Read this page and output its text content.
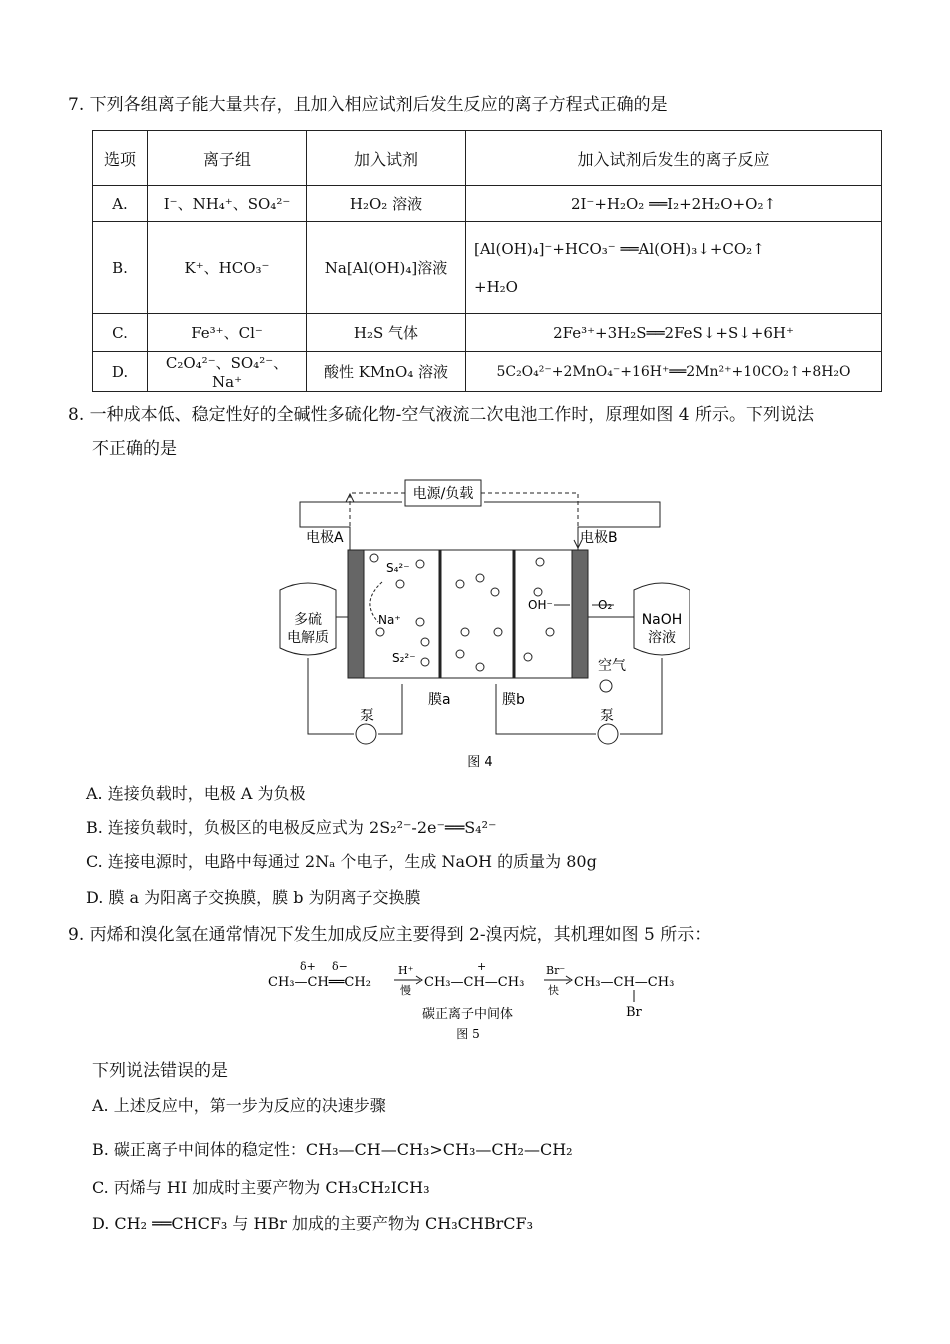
7. 下列各组离子能大量共存，且加入相应试剂后发生反应的离子方程式正确的是
选项	离子组	加入试剂	加入试剂后发生的离子反应
A.	I⁻、NH₄⁺、SO₄²⁻	H₂O₂ 溶液	2I⁻+H₂O₂ ══I₂+2H₂O+O₂↑
B.	K⁺、HCO₃⁻	Na[Al(OH)₄]溶液	[Al(OH)₄]⁻+HCO₃⁻ ══Al(OH)₃↓+CO₂↑
+H₂O

C.	Fe³⁺、Cl⁻	H₂S 气体	2Fe³⁺+3H₂S══2FeS↓+S↓+6H⁺
D.	C₂O₄²⁻、SO₄²⁻、Na⁺	酸性 KMnO₄ 溶液	5C₂O₄²⁻+2MnO₄⁻+16H⁺══2Mn²⁺+10CO₂↑+8H₂O
8. 一种成本低、稳定性好的全碱性多硫化物-空气液流二次电池工作时，原理如图 4 所示。下列说法
不正确的是
电源/负载
电极A	电极B
S₄²⁻
S₂²⁻
Na⁺
OH⁻	O₂
空气
多硫
电解质
NaOH
溶液
泵	泵
膜a	膜b
图 4
A. 连接负载时，电极 A 为负极
B. 连接负载时，负极区的电极反应式为 2S₂²⁻-2e⁻══S₄²⁻
C. 连接电源时，电路中每通过 2Nₐ 个电子，生成 NaOH 的质量为 80g
D. 膜 a 为阳离子交换膜，膜 b 为阴离子交换膜
9. 丙烯和溴化氢在通常情况下发生加成反应主要得到 2-溴丙烷，其机理如图 5 所示：
δ+ δ−
CH₃—CH══CH₂
H⁺
慢
+
CH₃—CH—CH₃
Br⁻
快
CH₃—CH—CH₃
Br
碳正离子中间体
图 5
下列说法错误的是
A. 上述反应中，第一步为反应的决速步骤
B. 碳正离子中间体的稳定性：CH₃—CH—CH₃>CH₃—CH₂—CH₂
C. 丙烯与 HI 加成时主要产物为 CH₃CH₂ICH₃
D. CH₂ ══CHCF₃ 与 HBr 加成的主要产物为 CH₃CHBrCF₃
